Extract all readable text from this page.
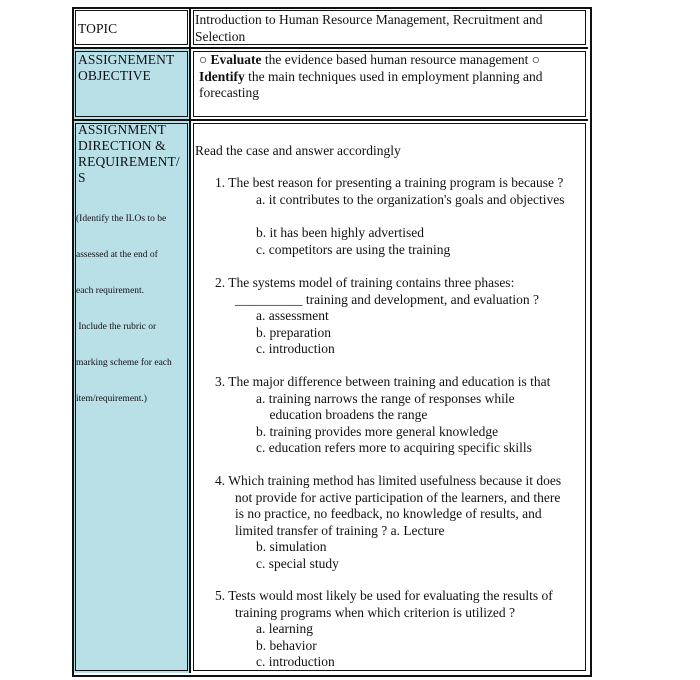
TOPIC
Introduction to Human Resource Management, Recruitment and Selection
ASSIGNEMENT
OBJECTIVE
○ Evaluate the evidence based human resource management ○ Identify the main techniques used in employment planning and forecasting
ASSIGNMENT
DIRECTION &
REQUIREMENT/
S

(Identify the ILOs to be

assessed at the end of

each requirement.

Include the rubric or

marking scheme for each

item/requirement.)

Read the case and answer accordingly
1. The best reason for presenting a training program is because ?
a. it contributes to the organization's goals and objectives
b. it has been highly advertised
c. competitors are using the training
2. The systems model of training contains three phases:
__________ training and development, and evaluation ?
a. assessment
b. preparation
c. introduction
3. The major difference between training and education is that
a. training narrows the range of responses while
education broadens the range
b. training provides more general knowledge
c. education refers more to acquiring specific skills
4. Which training method has limited usefulness because it does
not provide for active participation of the learners, and there
is no practice, no feedback, no knowledge of results, and
limited transfer of training ? a. Lecture
b. simulation
c. special study
5. Tests would most likely be used for evaluating the results of
training programs when which criterion is utilized ?
a. learning
b. behavior
c. introduction
